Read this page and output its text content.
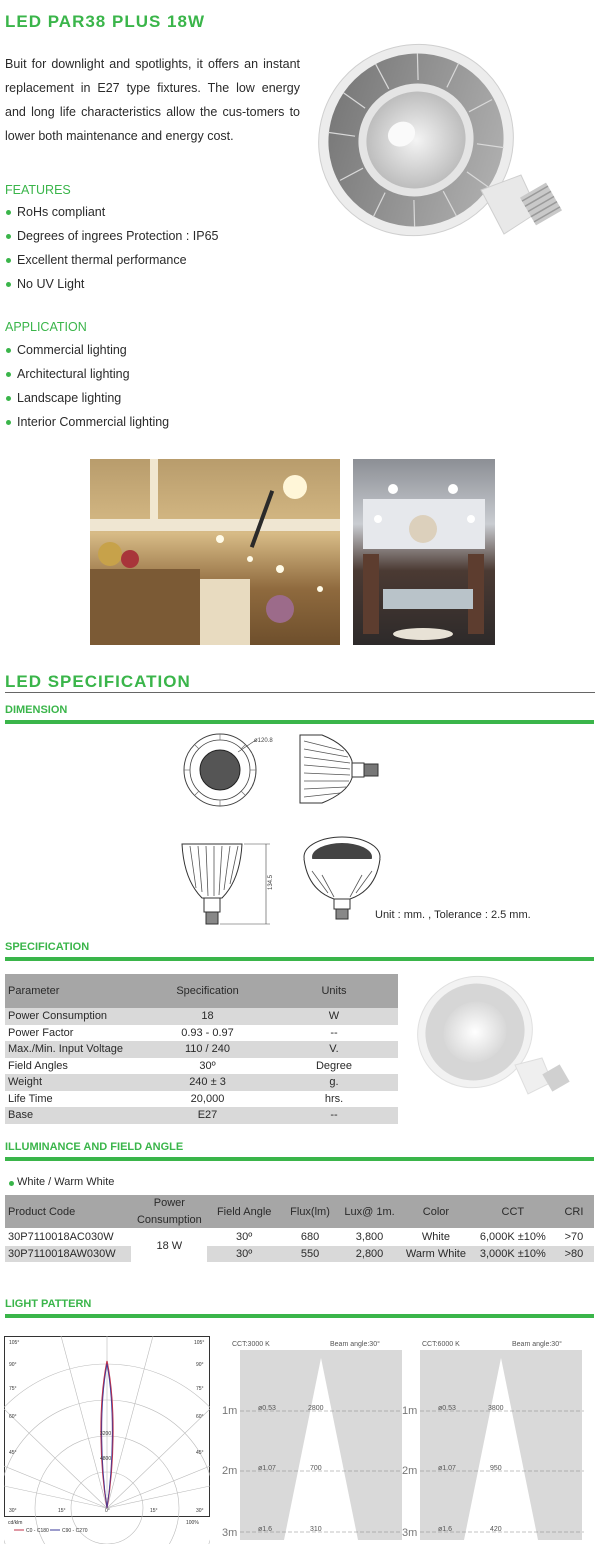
LED PAR38 PLUS 18W

Buit for downlight and spotlights, it offers an instant replacement in E27 type fixtures. The low energy and long life characteristics allow the cus-tomers to lower both maintenance and energy cost.

FEATURES
RoHs compliant
Degrees of ingrees Protection : IP65
Excellent thermal performance
No UV Light
APPLICATION
Commercial lighting
Architectural lighting
Landscape lighting
Interior Commercial lighting
LED SPECIFICATION
DIMENSION
ø120.8
134.5
Unit : mm. , Tolerance : 2.5 mm.
SPECIFICATION
Parameter	Specification	Units
Power Consumption	18	W
Power Factor	0.93 - 0.97	--
Max./Min. Input Voltage	110 / 240	V.
Field Angles	30º	Degree
Weight	240 ± 3	g.
Life Time	20,000	hrs.
Base	E27	--
ILLUMINANCE AND FIELD ANGLE
White / Warm White
Product Code	Power Consumption	Field Angle	Flux(lm)	Lux@ 1m.	Color	CCT	CRI
30P7110018AC030W	18 W	30º	680	3,800	White	6,000K ±10%	>70
30P7110018AW030W		30º	550	2,800	Warm White	3,000K ±10%	>80
LIGHT PATTERN
105°
90°
75°
60°
45°
30°
105°
90°
75°
60°
45°
30°
15°	0°	15°
3200
4800
cd/klm	100%
C0 - C180	C90 - C270
CCT:3000 K	Beam angle:30°
ø0.53
ø1.07
ø1.6
2800
700
310
1m
2m
3m
CCT:6000 K	Beam angle:30°
ø0.53
ø1.07
ø1.6
3800
950
420
1m
2m
3m
